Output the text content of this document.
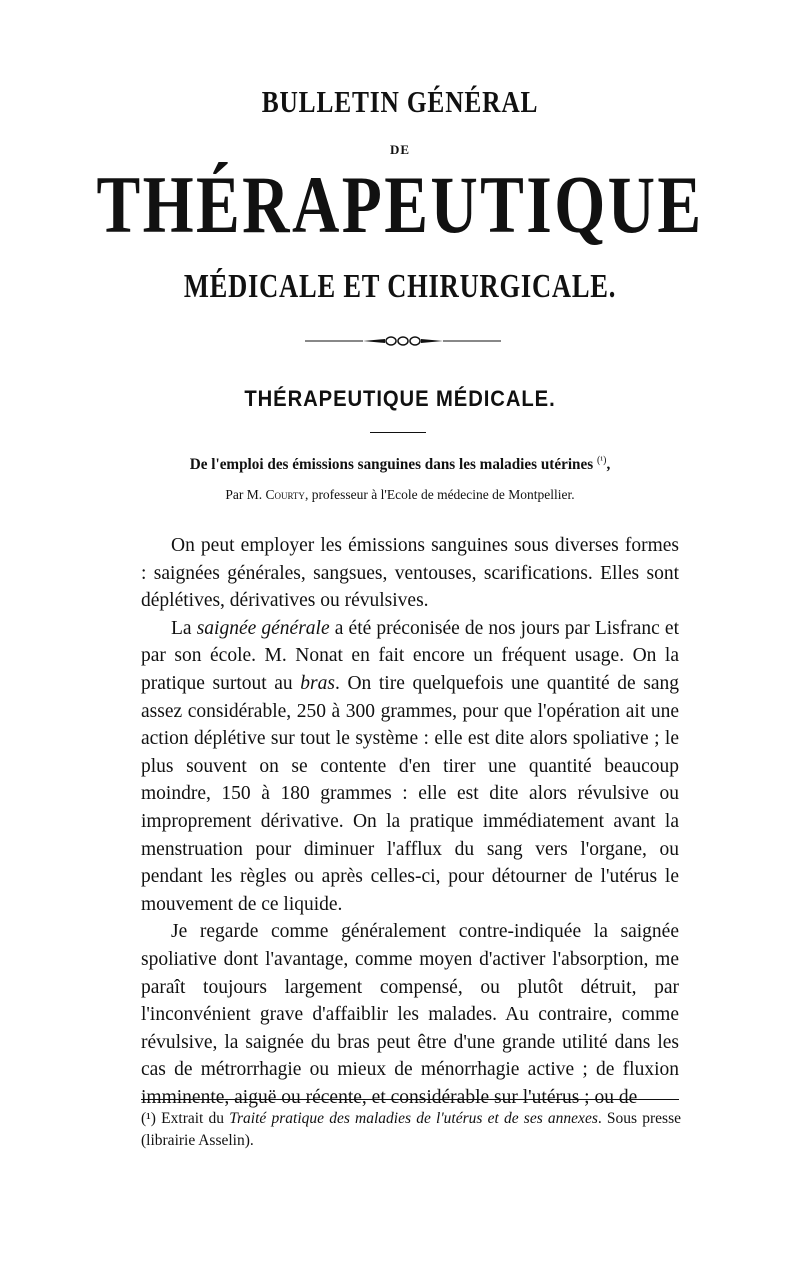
BULLETIN GÉNÉRAL
DE
THÉRAPEUTIQUE
MÉDICALE ET CHIRURGICALE.
THÉRAPEUTIQUE MÉDICALE.
De l'emploi des émissions sanguines dans les maladies utérines $^{(^1)}$,
Par M. Courty, professeur à l'Ecole de médecine de Montpellier.

On peut employer les émissions sanguines sous diverses formes : saignées générales, sangsues, ventouses, scarifications. Elles sont déplétives, dérivatives ou révulsives.

La saignée générale a été préconisée de nos jours par Lisfranc et par son école. M. Nonat en fait encore un fréquent usage. On la pratique surtout au bras. On tire quelquefois une quantité de sang assez considérable, 250 à 300 grammes, pour que l'opération ait une action déplétive sur tout le système : elle est dite alors spoliative ; le plus souvent on se contente d'en tirer une quantité beaucoup moindre, 150 à 180 grammes : elle est dite alors révulsive ou improprement dérivative. On la pratique immédiatement avant la menstruation pour diminuer l'afflux du sang vers l'organe, ou pendant les règles ou après celles-ci, pour détourner de l'utérus le mouvement de ce liquide.

Je regarde comme généralement contre-indiquée la saignée spoliative dont l'avantage, comme moyen d'activer l'absorption, me paraît toujours largement compensé, ou plutôt détruit, par l'inconvénient grave d'affaiblir les malades. Au contraire, comme révulsive, la saignée du bras peut être d'une grande utilité dans les cas de métrorrhagie ou mieux de ménorrhagie active ; de fluxion imminente, aiguë ou récente, et considérable sur l'utérus ; ou de

(¹) Extrait du Traité pratique des maladies de l'utérus et de ses annexes. Sous presse (librairie Asselin).
